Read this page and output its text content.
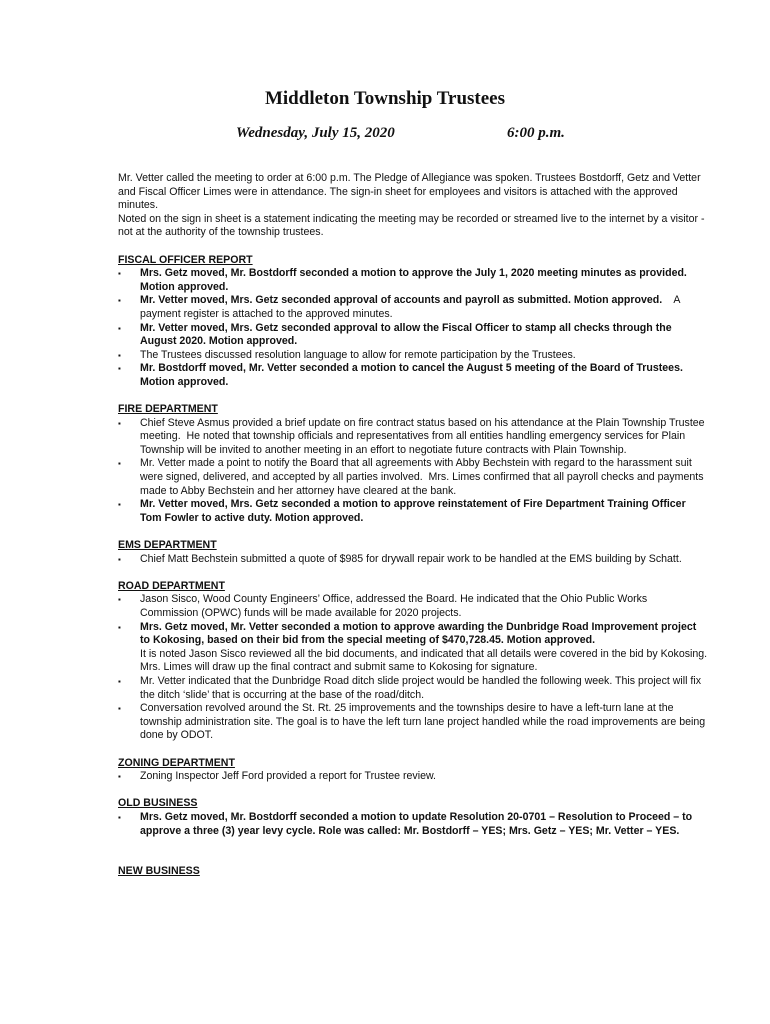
Middleton Township Trustees
Wednesday, July 15, 2020	6:00 p.m.

Mr. Vetter called the meeting to order at 6:00 p.m. The Pledge of Allegiance was spoken. Trustees Bostdorff, Getz and Vetter and Fiscal Officer Limes were in attendance. The sign-in sheet for employees and visitors is attached with the approved minutes.

Noted on the sign in sheet is a statement indicating the meeting may be recorded or streamed live to the internet by a visitor - not at the authority of the township trustees.

FISCAL OFFICER REPORT

▪ Mrs. Getz moved, Mr. Bostdorff seconded a motion to approve the July 1, 2020 meeting minutes as provided. Motion approved.
▪ Mr. Vetter moved, Mrs. Getz seconded approval of accounts and payroll as submitted. Motion approved.    A payment register is attached to the approved minutes.
▪ Mr. Vetter moved, Mrs. Getz seconded approval to allow the Fiscal Officer to stamp all checks through the August 2020. Motion approved.
▪ The Trustees discussed resolution language to allow for remote participation by the Trustees.
▪ Mr. Bostdorff moved, Mr. Vetter seconded a motion to cancel the August 5 meeting of the Board of Trustees. Motion approved.

FIRE DEPARTMENT

▪ Chief Steve Asmus provided a brief update on fire contract status based on his attendance at the Plain Township Trustee meeting.  He noted that township officials and representatives from all entities handling emergency services for Plain Township will be invited to another meeting in an effort to negotiate future contracts with Plain Township.
▪ Mr. Vetter made a point to notify the Board that all agreements with Abby Bechstein with regard to the harassment suit were signed, delivered, and accepted by all parties involved.  Mrs. Limes confirmed that all payroll checks and payments made to Abby Bechstein and her attorney have cleared at the bank.
▪ Mr. Vetter moved, Mrs. Getz seconded a motion to approve reinstatement of Fire Department Training Officer Tom Fowler to active duty. Motion approved.

EMS DEPARTMENT

▪ Chief Matt Bechstein submitted a quote of $985 for drywall repair work to be handled at the EMS building by Schatt.

ROAD DEPARTMENT

▪ Jason Sisco, Wood County Engineers’ Office, addressed the Board. He indicated that the Ohio Public Works Commission (OPWC) funds will be made available for 2020 projects.
▪ Mrs. Getz moved, Mr. Vetter seconded a motion to approve awarding the Dunbridge Road Improvement project to Kokosing, based on their bid from the special meeting of $470,728.45. Motion approved.
It is noted Jason Sisco reviewed all the bid documents, and indicated that all details were covered in the bid by Kokosing. Mrs. Limes will draw up the final contract and submit same to Kokosing for signature.
▪ Mr. Vetter indicated that the Dunbridge Road ditch slide project would be handled the following week. This project will fix the ditch ‘slide’ that is occurring at the base of the road/ditch.
▪ Conversation revolved around the St. Rt. 25 improvements and the townships desire to have a left-turn lane at the township administration site. The goal is to have the left turn lane project handled while the road improvements are being done by ODOT.

ZONING DEPARTMENT

▪ Zoning Inspector Jeff Ford provided a report for Trustee review.

OLD BUSINESS

▪ Mrs. Getz moved, Mr. Bostdorff seconded a motion to update Resolution 20-0701 – Resolution to Proceed – to approve a three (3) year levy cycle. Role was called: Mr. Bostdorff – YES; Mrs. Getz – YES; Mr. Vetter – YES.

NEW BUSINESS
